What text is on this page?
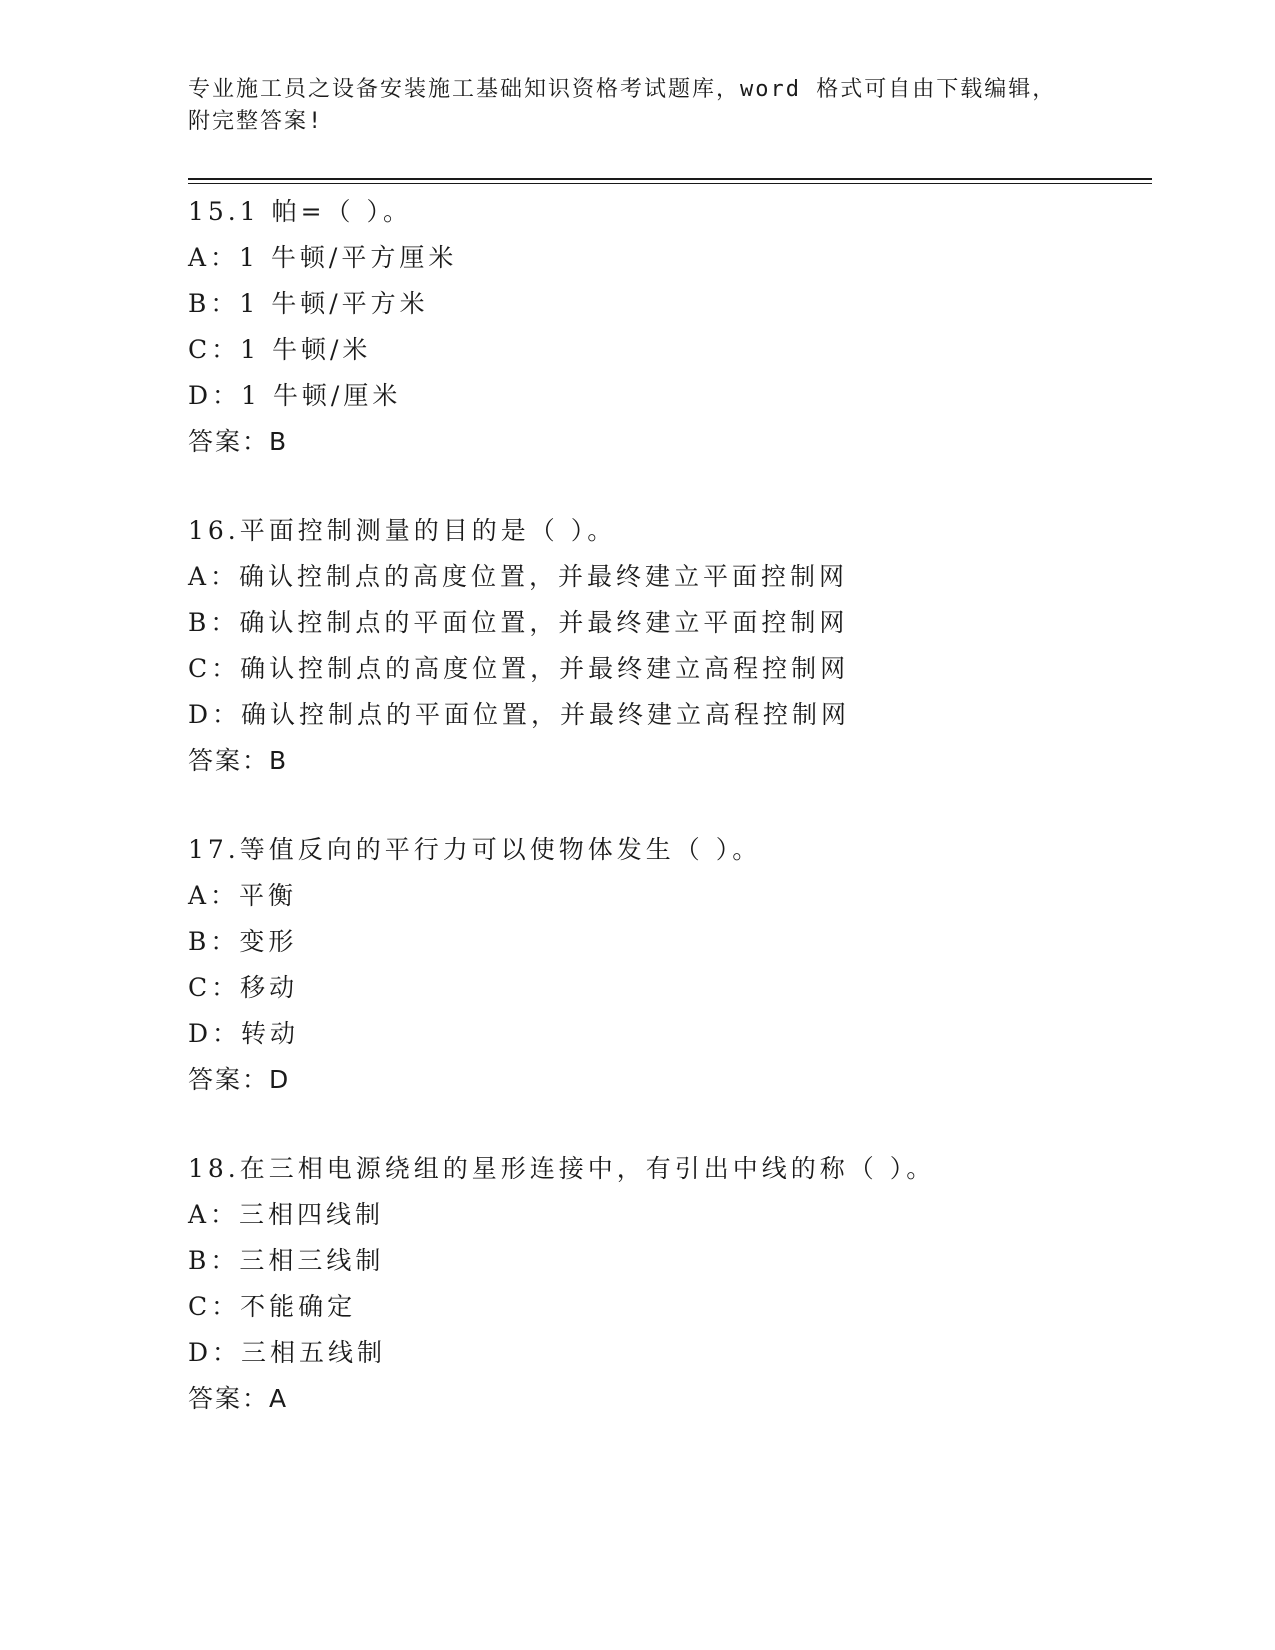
专业施工员之设备安装施工基础知识资格考试题库，word 格式可自由下载编辑，
附完整答案!
15.1 帕=（ ）。
A：1 牛顿/平方厘米
B：1 牛顿/平方米
C：1 牛顿/米
D：1 牛顿/厘米
答案：B
16.平面控制测量的目的是（ ）。
A：确认控制点的高度位置，并最终建立平面控制网
B：确认控制点的平面位置，并最终建立平面控制网
C：确认控制点的高度位置，并最终建立高程控制网
D：确认控制点的平面位置，并最终建立高程控制网
答案：B
17.等值反向的平行力可以使物体发生（ ）。
A：平衡
B：变形
C：移动
D：转动
答案：D
18.在三相电源绕组的星形连接中，有引出中线的称（ ）。
A：三相四线制
B：三相三线制
C：不能确定
D：三相五线制
答案：A
